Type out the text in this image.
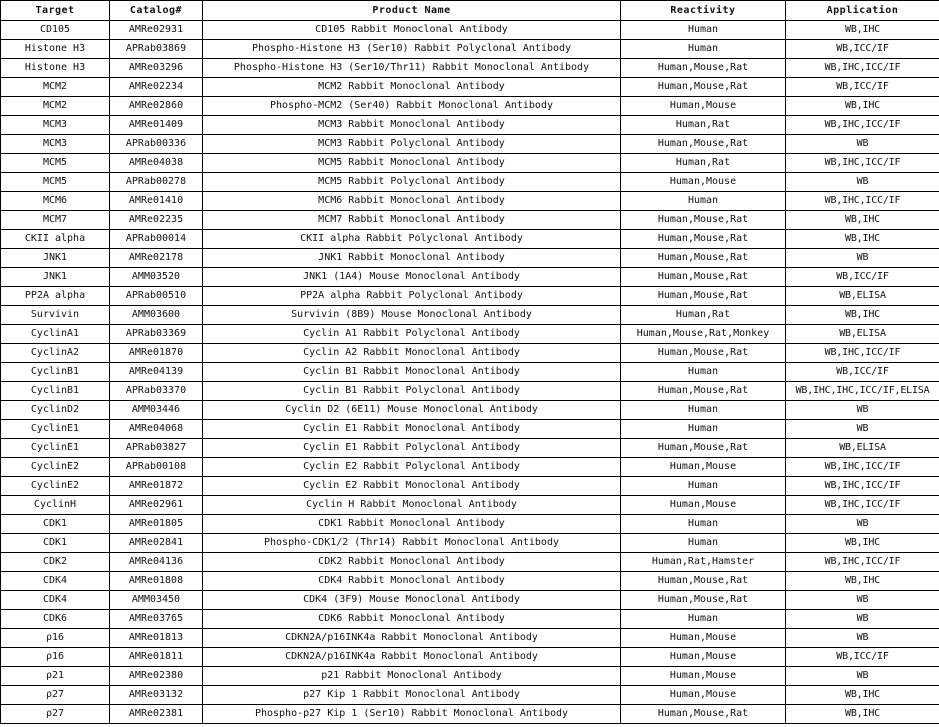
Target	Catalog#	Product Name	Reactivity	Application
CD105	AMRe02931	CD105 Rabbit Monoclonal Antibody	Human	WB,IHC
Histone H3	APRab03869	Phospho-Histone H3 (Ser10) Rabbit Polyclonal Antibody	Human	WB,ICC/IF
Histone H3	AMRe03296	Phospho-Histone H3 (Ser10/Thr11) Rabbit Monoclonal Antibody	Human,Mouse,Rat	WB,IHC,ICC/IF
MCM2	AMRe02234	MCM2 Rabbit Monoclonal Antibody	Human,Mouse,Rat	WB,ICC/IF
MCM2	AMRe02860	Phospho-MCM2 (Ser40) Rabbit Monoclonal Antibody	Human,Mouse	WB,IHC
MCM3	AMRe01409	MCM3 Rabbit Monoclonal Antibody	Human,Rat	WB,IHC,ICC/IF
MCM3	APRab00336	MCM3 Rabbit Polyclonal Antibody	Human,Mouse,Rat	WB
MCM5	AMRe04038	MCM5 Rabbit Monoclonal Antibody	Human,Rat	WB,IHC,ICC/IF
MCM5	APRab00278	MCM5 Rabbit Polyclonal Antibody	Human,Mouse	WB
MCM6	AMRe01410	MCM6 Rabbit Monoclonal Antibody	Human	WB,IHC,ICC/IF
MCM7	AMRe02235	MCM7 Rabbit Monoclonal Antibody	Human,Mouse,Rat	WB,IHC
CKII alpha	APRab00014	CKII alpha Rabbit Polyclonal Antibody	Human,Mouse,Rat	WB,IHC
JNK1	AMRe02178	JNK1 Rabbit Monoclonal Antibody	Human,Mouse,Rat	WB
JNK1	AMM03520	JNK1 (1A4) Mouse Monoclonal Antibody	Human,Mouse,Rat	WB,ICC/IF
PP2A alpha	APRab00510	PP2A alpha Rabbit Polyclonal Antibody	Human,Mouse,Rat	WB,ELISA
Survivin	AMM03600	Survivin (8B9) Mouse Monoclonal Antibody	Human,Rat	WB,IHC
CyclinA1	APRab03369	Cyclin A1 Rabbit Polyclonal Antibody	Human,Mouse,Rat,Monkey	WB,ELISA
CyclinA2	AMRe01870	Cyclin A2 Rabbit Monoclonal Antibody	Human,Mouse,Rat	WB,IHC,ICC/IF
CyclinB1	AMRe04139	Cyclin B1 Rabbit Monoclonal Antibody	Human	WB,ICC/IF
CyclinB1	APRab03370	Cyclin B1 Rabbit Polyclonal Antibody	Human,Mouse,Rat	WB,IHC,IHC,ICC/IF,ELISA
CyclinD2	AMM03446	Cyclin D2 (6E11) Mouse Monoclonal Antibody	Human	WB
CyclinE1	AMRe04068	Cyclin E1 Rabbit Monoclonal Antibody	Human	WB
CyclinE1	APRab03827	Cyclin E1 Rabbit Polyclonal Antibody	Human,Mouse,Rat	WB,ELISA
CyclinE2	APRab00108	Cyclin E2 Rabbit Polyclonal Antibody	Human,Mouse	WB,IHC,ICC/IF
CyclinE2	AMRe01872	Cyclin E2 Rabbit Monoclonal Antibody	Human	WB,IHC,ICC/IF
CyclinH	AMRe02961	Cyclin H Rabbit Monoclonal Antibody	Human,Mouse	WB,IHC,ICC/IF
CDK1	AMRe01805	CDK1 Rabbit Monoclonal Antibody	Human	WB
CDK1	AMRe02841	Phospho-CDK1/2 (Thr14) Rabbit Monoclonal Antibody	Human	WB,IHC
CDK2	AMRe04136	CDK2 Rabbit Monoclonal Antibody	Human,Rat,Hamster	WB,IHC,ICC/IF
CDK4	AMRe01808	CDK4 Rabbit Monoclonal Antibody	Human,Mouse,Rat	WB,IHC
CDK4	AMM03450	CDK4 (3F9) Mouse Monoclonal Antibody	Human,Mouse,Rat	WB
CDK6	AMRe03765	CDK6 Rabbit Monoclonal Antibody	Human	WB
ρ16	AMRe01813	CDKN2A/p16INK4a Rabbit Monoclonal Antibody	Human,Mouse	WB
ρ16	AMRe01811	CDKN2A/p16INK4a Rabbit Monoclonal Antibody	Human,Mouse	WB,ICC/IF
ρ21	AMRe02380	p21 Rabbit Monoclonal Antibody	Human,Mouse	WB
ρ27	AMRe03132	p27 Kip 1 Rabbit Monoclonal Antibody	Human,Mouse	WB,IHC
ρ27	AMRe02381	Phospho-p27 Kip 1 (Ser10) Rabbit Monoclonal Antibody	Human,Mouse,Rat	WB,IHC
